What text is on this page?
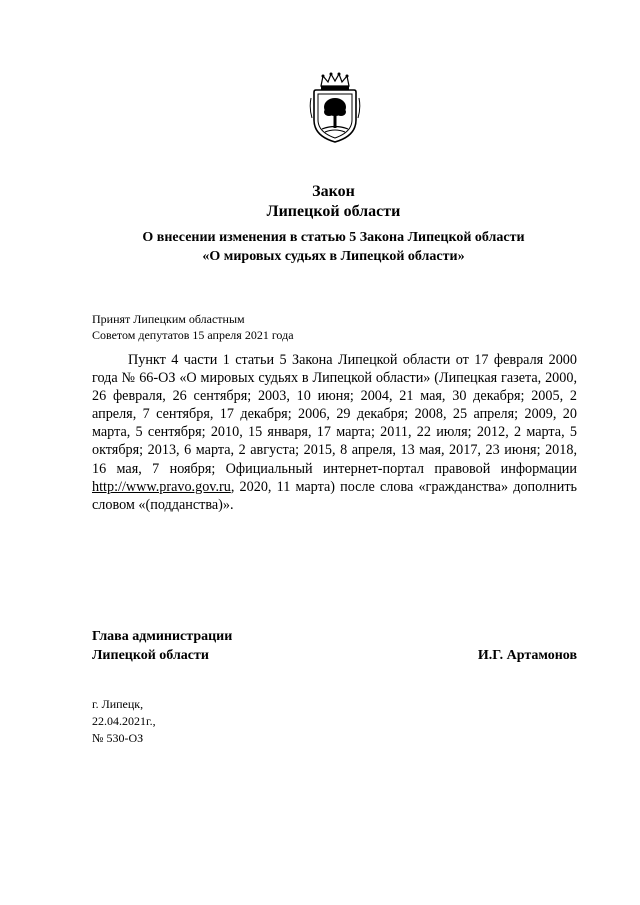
Закон
Липецкой области
О внесении изменения в статью 5 Закона Липецкой области
«О мировых судьях в Липецкой области»
Принят Липецким областным
Советом депутатов 15 апреля 2021 года
Пункт 4 части 1 статьи 5 Закона Липецкой области от 17 февраля 2000 года № 66-ОЗ «О мировых судьях в Липецкой области» (Липецкая газета, 2000, 26 февраля, 26 сентября; 2003, 10 июня; 2004, 21 мая, 30 декабря; 2005, 2 апреля, 7 сентября, 17 декабря; 2006, 29 декабря; 2008, 25 апреля; 2009, 20 марта, 5 сентября; 2010, 15 января, 17 марта; 2011, 22 июля; 2012, 2 марта, 5 октября; 2013, 6 марта, 2 августа; 2015, 8 апреля, 13 мая, 2017, 23 июня; 2018, 16 мая, 7 ноября; Официальный интернет-портал правовой информации http://www.pravo.gov.ru, 2020, 11 марта) после слова «гражданства» дополнить словом «(подданства)».
Глава администрации
Липецкой области	И.Г. Артамонов
г. Липецк,
22.04.2021г.,
№ 530-ОЗ
